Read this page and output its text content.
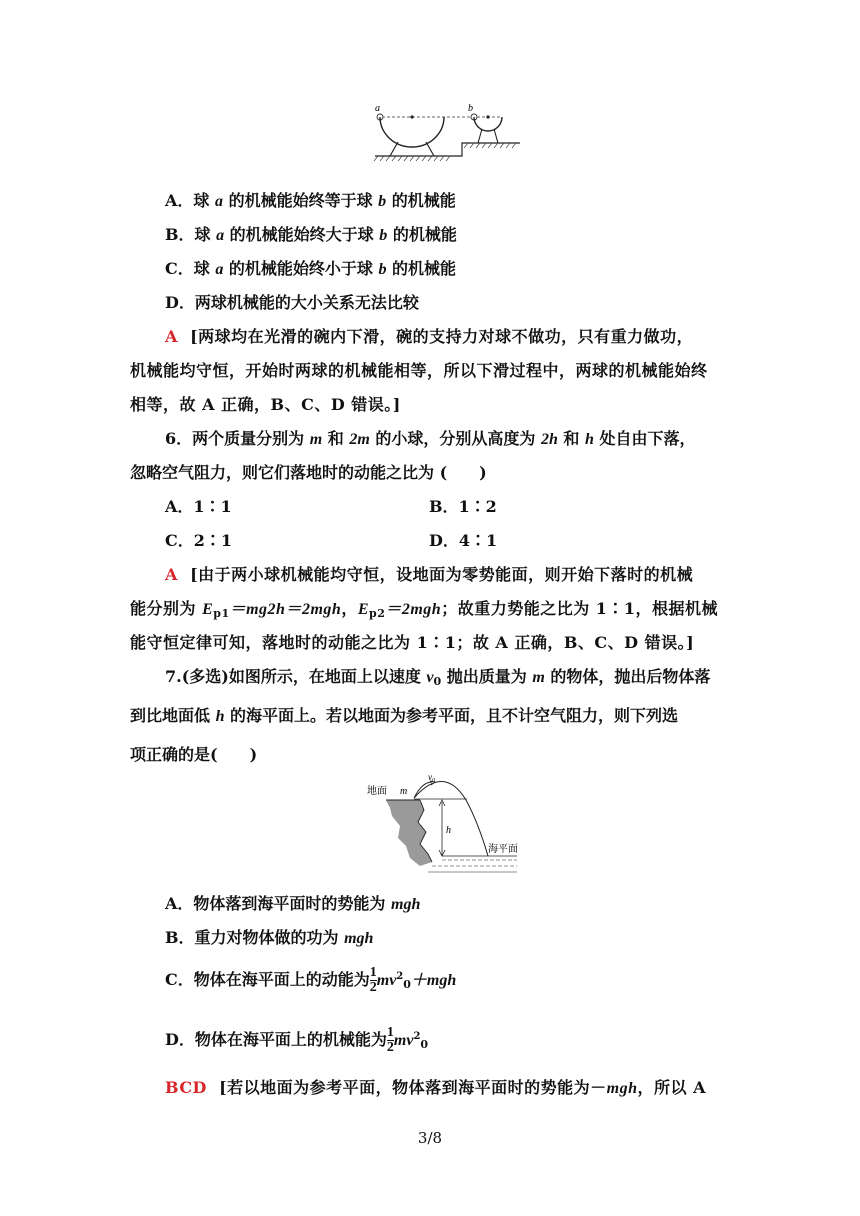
a	b
A．球 a 的机械能始终等于球 b 的机械能
B．球 a 的机械能始终大于球 b 的机械能
C．球 a 的机械能始终小于球 b 的机械能
D．两球机械能的大小关系无法比较
A [两球均在光滑的碗内下滑，碗的支持力对球不做功，只有重力做功，
机械能均守恒，开始时两球的机械能相等，所以下滑过程中，两球的机械能始终
相等，故 A 正确，B、C、D 错误。]
6．两个质量分别为 m 和 2m 的小球，分别从高度为 2h 和 h 处自由下落，
忽略空气阻力，则它们落地时的动能之比为 (　　)
A．1∶1	B．1∶2
C．2∶1	D．4∶1
A [由于两小球机械能均守恒，设地面为零势能面，则开始下落时的机械
能分别为 $E_{p1}=mg2h=2mgh$，$E_{p2}=2mgh$；故重力势能之比为 1∶1，根据机械
能守恒定律可知，落地时的动能之比为 1∶1；故 A 正确，B、C、D 错误。]
7.(多选)如图所示，在地面上以速度 $v_0$ 抛出质量为 m 的物体，抛出后物体落
到比地面低 h 的海平面上。若以地面为参考平面，且不计空气阻力，则下列选
项正确的是(　　)
地面 m
$v_0$
h
海平面
A．物体落到海平面时的势能为 mgh
B．重力对物体做的功为 mgh
C．物体在海平面上的动能为 $\frac{1}{2} mv^2_0+mgh$
D．物体在海平面上的机械能为 $\frac{1}{2} mv^2_0$
BCD [若以地面为参考平面，物体落到海平面时的势能为－mgh，所以 A
3/8
